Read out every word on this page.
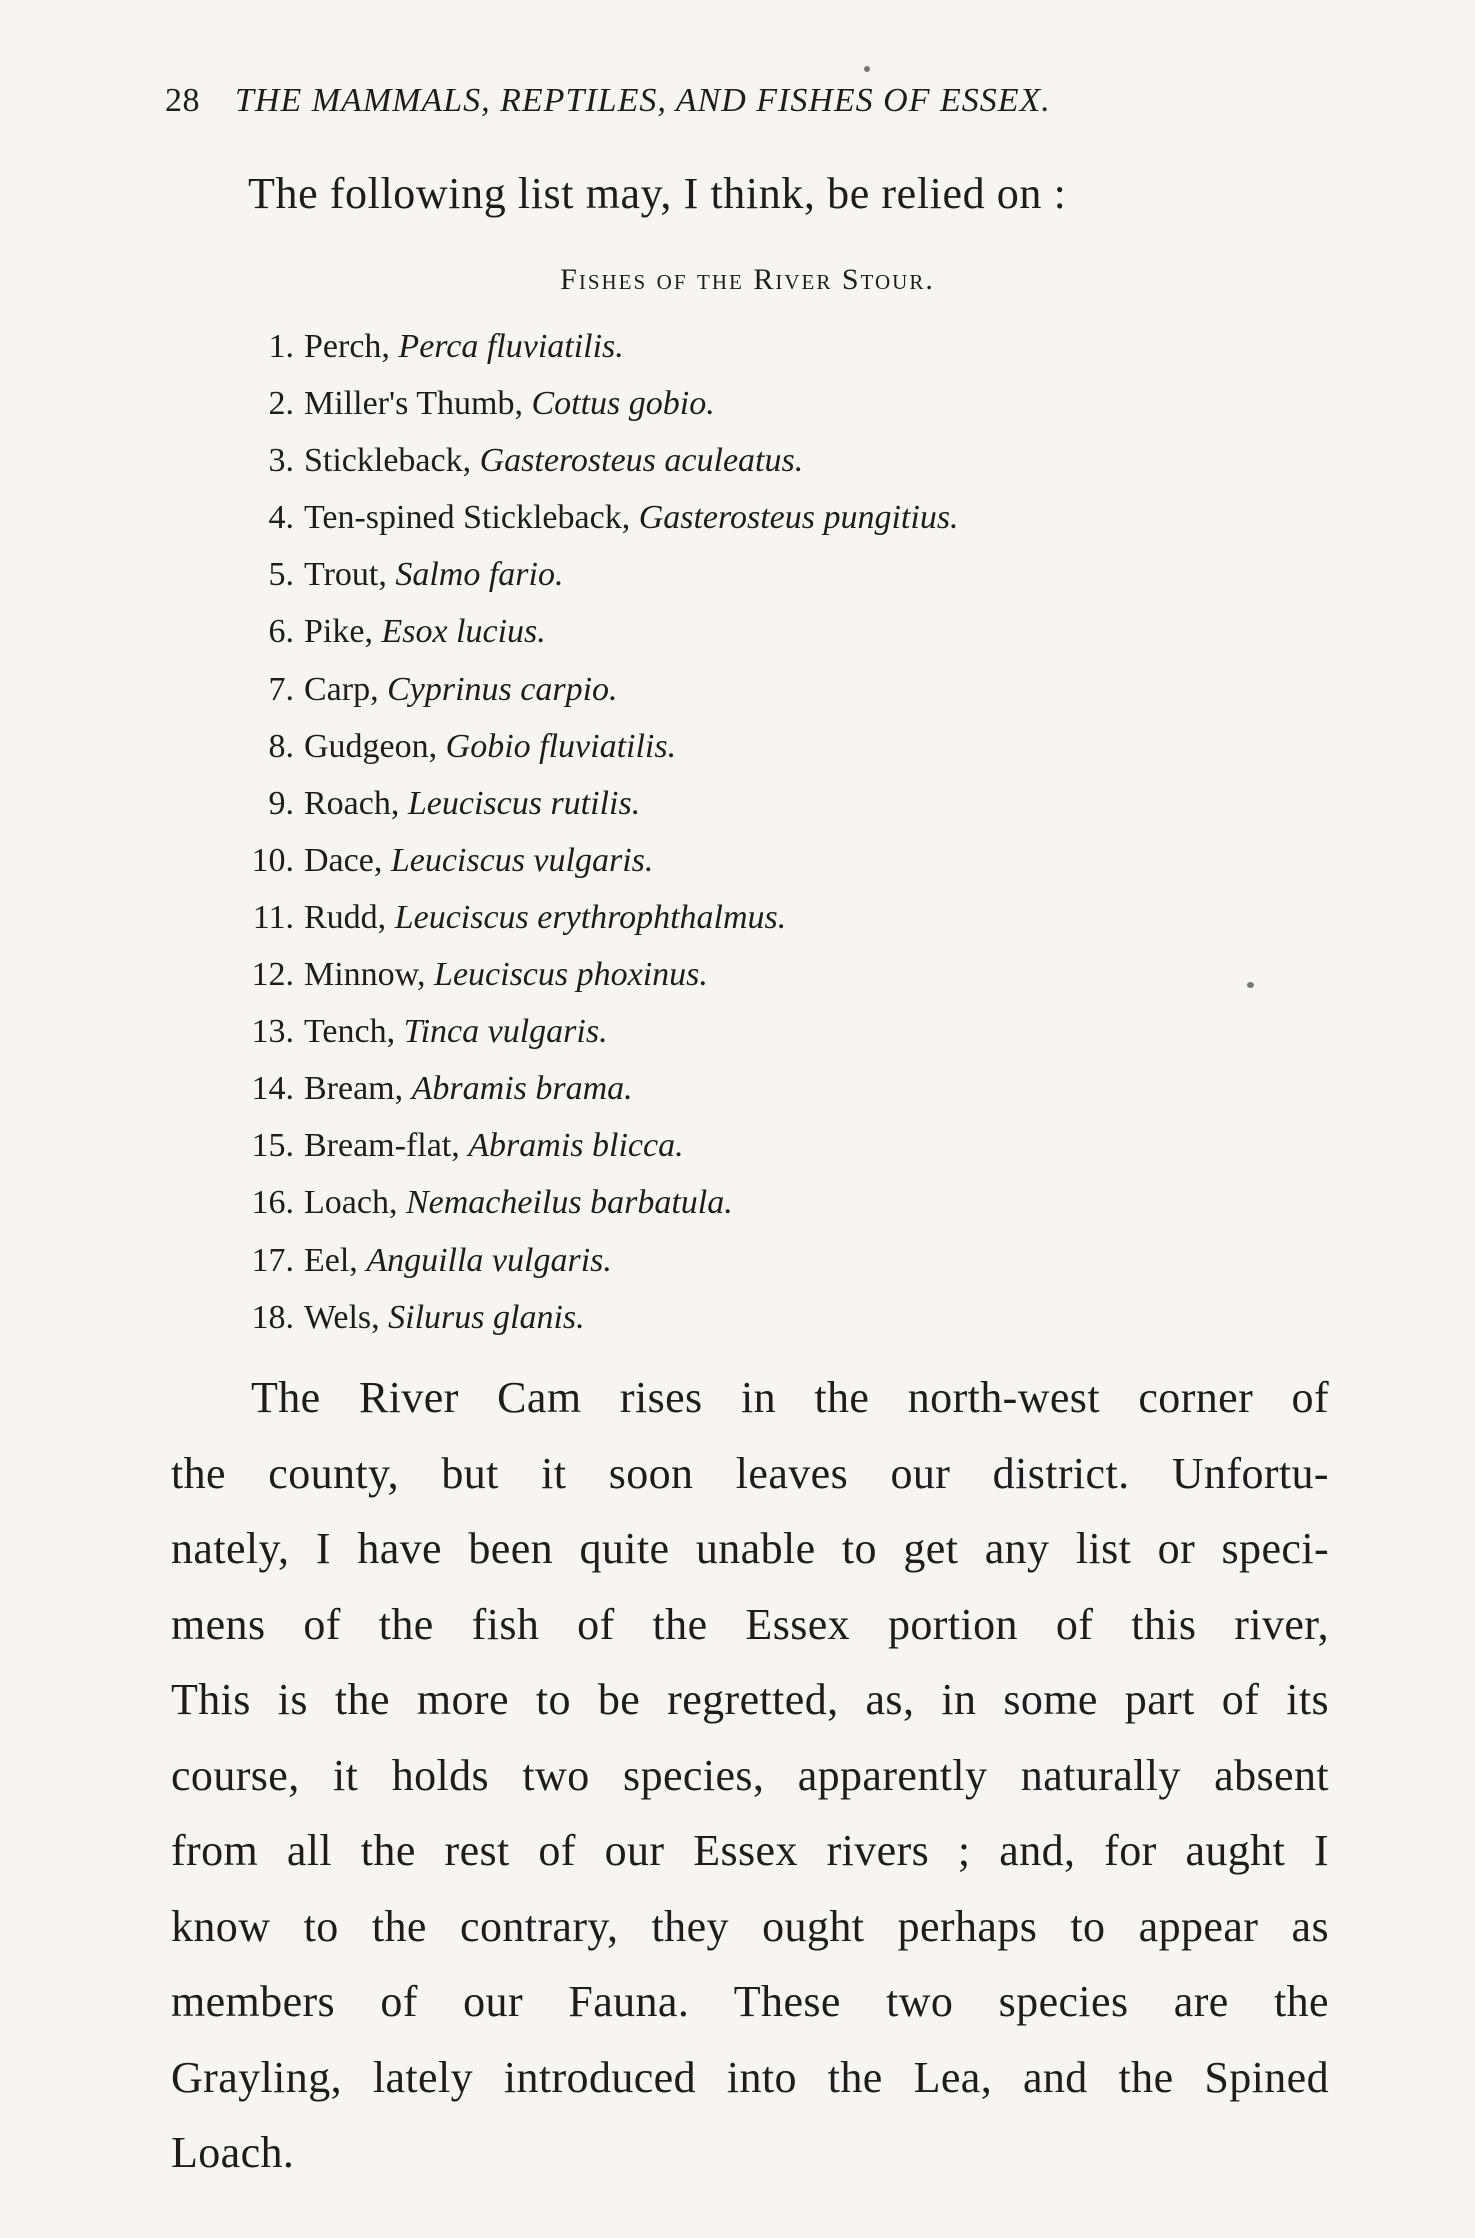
28 THE MAMMALS, REPTILES, AND FISHES OF ESSEX.
The following list may, I think, be relied on :
Fishes of the River Stour.
1. Perch, Perca fluviatilis.
2. Miller's Thumb, Cottus gobio.
3. Stickleback, Gasterosteus aculeatus.
4. Ten-spined Stickleback, Gasterosteus pungitius.
5. Trout, Salmo fario.
6. Pike, Esox lucius.
7. Carp, Cyprinus carpio.
8. Gudgeon, Gobio fluviatilis.
9. Roach, Leuciscus rutilis.
10. Dace, Leuciscus vulgaris.
11. Rudd, Leuciscus erythrophthalmus.
12. Minnow, Leuciscus phoxinus.
13. Tench, Tinca vulgaris.
14. Bream, Abramis brama.
15. Bream-flat, Abramis blicca.
16. Loach, Nemacheilus barbatula.
17. Eel, Anguilla vulgaris.
18. Wels, Silurus glanis.
The River Cam rises in the north-west corner of
the county, but it soon leaves our district. Unfortu-
nately, I have been quite unable to get any list or speci-
mens of the fish of the Essex portion of this river,
This is the more to be regretted, as, in some part of its
course, it holds two species, apparently naturally absent
from all the rest of our Essex rivers ; and, for aught I
know to the contrary, they ought perhaps to appear as
members of our Fauna. These two species are the
Grayling, lately introduced into the Lea, and the Spined
Loach.
